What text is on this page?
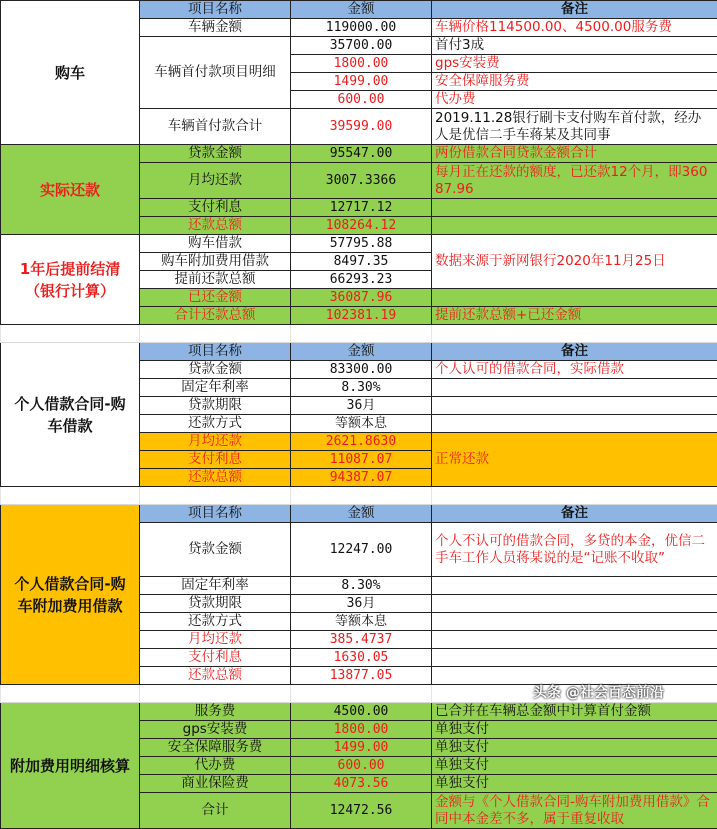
购车	项目名称	金额	备注
	车辆金额	119000.00	车辆价格114500.00、4500.00服务费
	车辆首付款项目明细	35700.00	首付3成
		1800.00	gps安装费
		1499.00	安全保障服务费
		600.00	代办费
	车辆首付款合计	39599.00	2019.11.28银行刷卡支付购车首付款，经办人是优信二手车蒋某及其同事
实际还款	贷款金额	95547.00	两份借款合同贷款金额合计
	月均还款	3007.3366	每月正在还款的额度，已还款12个月，即36087.96
	支付利息	12717.12	
	还款总额	108264.12	
1年后提前结清（银行计算）	购车借款	57795.88	数据来源于新网银行2020年11月25日
	购车附加费用借款	8497.35	
	提前还款总额	66293.23	
	已还金额	36087.96	
	合计还款总额	102381.19	提前还款总额+已还金额

个人借款合同-购车借款	项目名称	金额	备注
	贷款金额	83300.00	个人认可的借款合同，实际借款
	固定年利率	8.30%	
	贷款期限	36月	
	还款方式	等额本息	
	月均还款	2621.8630	正常还款
	支付利息	11087.07	
	还款总额	94387.07	

个人借款合同-购车附加费用借款	项目名称	金额	备注
	贷款金额	12247.00	个人不认可的借款合同，多贷的本金，优信二手车工作人员蒋某说的是“记账不收取”
	固定年利率	8.30%	
	贷款期限	36月	
	还款方式	等额本息	
	月均还款	385.4737	
	支付利息	1630.05	
	还款总额	13877.05	

附加费用明细核算	服务费	4500.00	已合并在车辆总金额中计算首付金额
	gps安装费	1800.00	单独支付
	安全保障服务费	1499.00	单独支付
	代办费	600.00	单独支付
	商业保险费	4073.56	单独支付
	合计	12472.56	金额与《个人借款合同-购车附加费用借款》合同中本金差不多，属于重复收取
头条 @社会百态前沿
